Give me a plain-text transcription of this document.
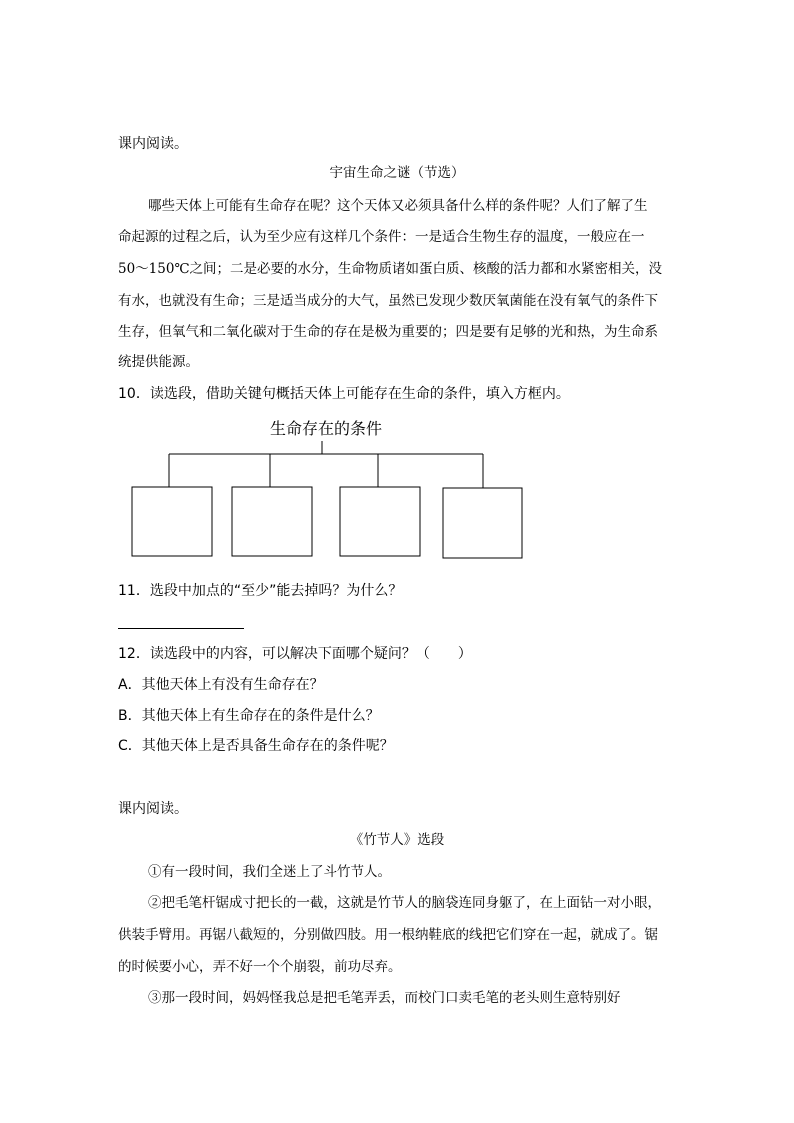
课内阅读。
宇宙生命之谜（节选）
哪些天体上可能有生命存在呢？这个天体又必须具备什么样的条件呢？人们了解了生
命起源的过程之后，认为至少应有这样几个条件：一是适合生物生存的温度，一般应在一
50～150℃之间；二是必要的水分，生命物质诸如蛋白质、核酸的活力都和水紧密相关，没
有水，也就没有生命；三是适当成分的大气，虽然已发现少数厌氧菌能在没有氧气的条件下
生存，但氧气和二氧化碳对于生命的存在是极为重要的；四是要有足够的光和热，为生命系
统提供能源。
10．读选段，借助关键句概括天体上可能存在生命的条件，填入方框内。
生命存在的条件
11．选段中加点的“至少”能去掉吗？为什么？
12．读选段中的内容，可以解决下面哪个疑问？（　　）
A．其他天体上有没有生命存在？
B．其他天体上有生命存在的条件是什么？
C．其他天体上是否具备生命存在的条件呢？
课内阅读。
《竹节人》选段
①有一段时间，我们全迷上了斗竹节人。
②把毛笔杆锯成寸把长的一截，这就是竹节人的脑袋连同身躯了，在上面钻一对小眼，
供装手臂用。再锯八截短的，分别做四肢。用一根纳鞋底的线把它们穿在一起，就成了。锯
的时候要小心，弄不好一个个崩裂，前功尽弃。
③那一段时间，妈妈怪我总是把毛笔弄丢，而校门口卖毛笔的老头则生意特别好
